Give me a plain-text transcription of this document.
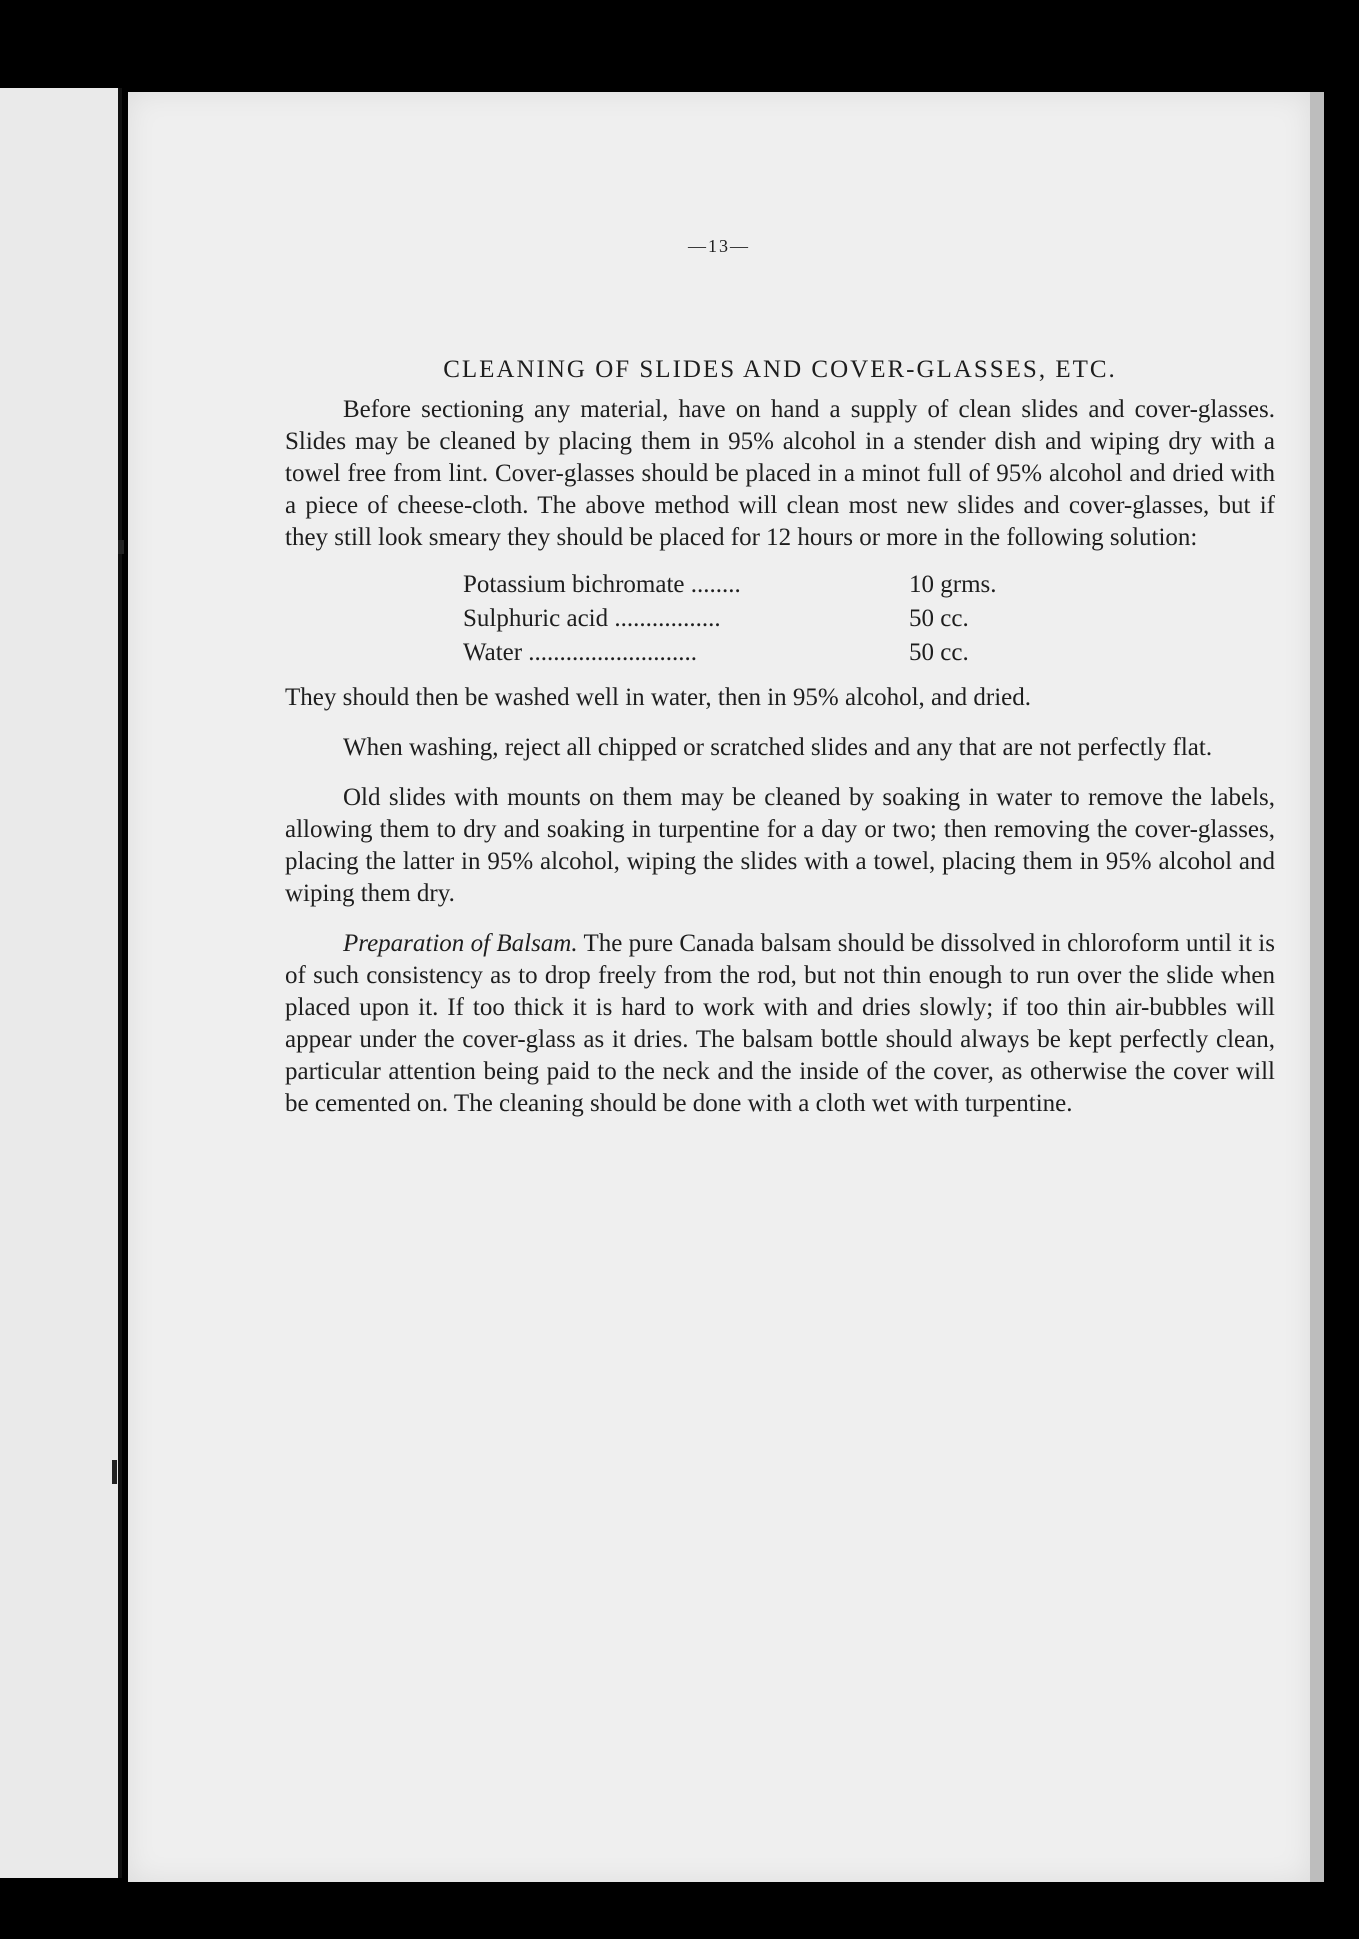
—13—
CLEANING OF SLIDES AND COVER-GLASSES, ETC.

Before sectioning any material, have on hand a supply of clean slides and cover-glasses. Slides may be cleaned by placing them in 95% alcohol in a stender dish and wiping dry with a towel free from lint. Cover-glasses should be placed in a minot full of 95% alcohol and dried with a piece of cheese-cloth. The above method will clean most new slides and cover-glasses, but if they still look smeary they should be placed for 12 hours or more in the following solution:

Potassium bichromate ........	10 grms.
Sulphuric acid .................	50 cc.
Water ...........................	50 cc.

They should then be washed well in water, then in 95% alcohol, and dried.

When washing, reject all chipped or scratched slides and any that are not perfectly flat.

Old slides with mounts on them may be cleaned by soaking in water to remove the labels, allowing them to dry and soaking in turpentine for a day or two; then removing the cover-glasses, placing the latter in 95% alcohol, wiping the slides with a towel, placing them in 95% alcohol and wiping them dry.

Preparation of Balsam. The pure Canada balsam should be dissolved in chloroform until it is of such consistency as to drop freely from the rod, but not thin enough to run over the slide when placed upon it. If too thick it is hard to work with and dries slowly; if too thin air-bubbles will appear under the cover-glass as it dries. The balsam bottle should always be kept perfectly clean, particular attention being paid to the neck and the inside of the cover, as otherwise the cover will be cemented on. The cleaning should be done with a cloth wet with turpentine.
